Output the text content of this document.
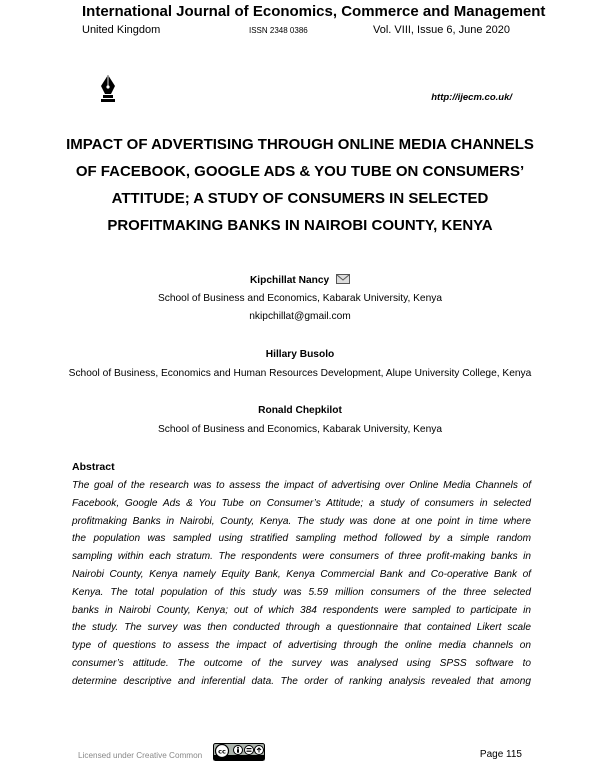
International Journal of Economics, Commerce and Management
United Kingdom	ISSN 2348 0386	Vol. VIII, Issue 6, June 2020
http://ijecm.co.uk/
IMPACT OF ADVERTISING THROUGH ONLINE MEDIA CHANNELS
OF FACEBOOK, GOOGLE ADS & YOU TUBE ON CONSUMERS’
ATTITUDE; A STUDY OF CONSUMERS IN SELECTED
PROFITMAKING BANKS IN NAIROBI COUNTY, KENYA
Kipchillat Nancy
School of Business and Economics, Kabarak University, Kenya
nkipchillat@gmail.com
Hillary Busolo
School of Business, Economics and Human Resources Development, Alupe University College, Kenya
Ronald Chepkilot
School of Business and Economics, Kabarak University, Kenya
Abstract
The goal of the research was to assess the impact of advertising over Online Media Channels of
Facebook, Google Ads & You Tube on Consumer’s Attitude; a study of consumers in selected
profitmaking Banks in Nairobi, County, Kenya. The study was done at one point in time where
the population was sampled using stratified sampling method followed by a simple random
sampling within each stratum. The respondents were consumers of three profit-making banks in
Nairobi County, Kenya namely Equity Bank, Kenya Commercial Bank and Co-operative Bank of
Kenya. The total population of this study was 5.59 million consumers of the three selected
banks in Nairobi County, Kenya; out of which 384 respondents were sampled to participate in
the study. The survey was then conducted through a questionnaire that contained Likert scale
type of questions to assess the impact of advertising through the online media channels on
consumer’s attitude. The outcome of the survey was analysed using SPSS software to
determine descriptive and inferential data. The order of ranking analysis revealed that among
Licensed under Creative Common cc	Page 115
